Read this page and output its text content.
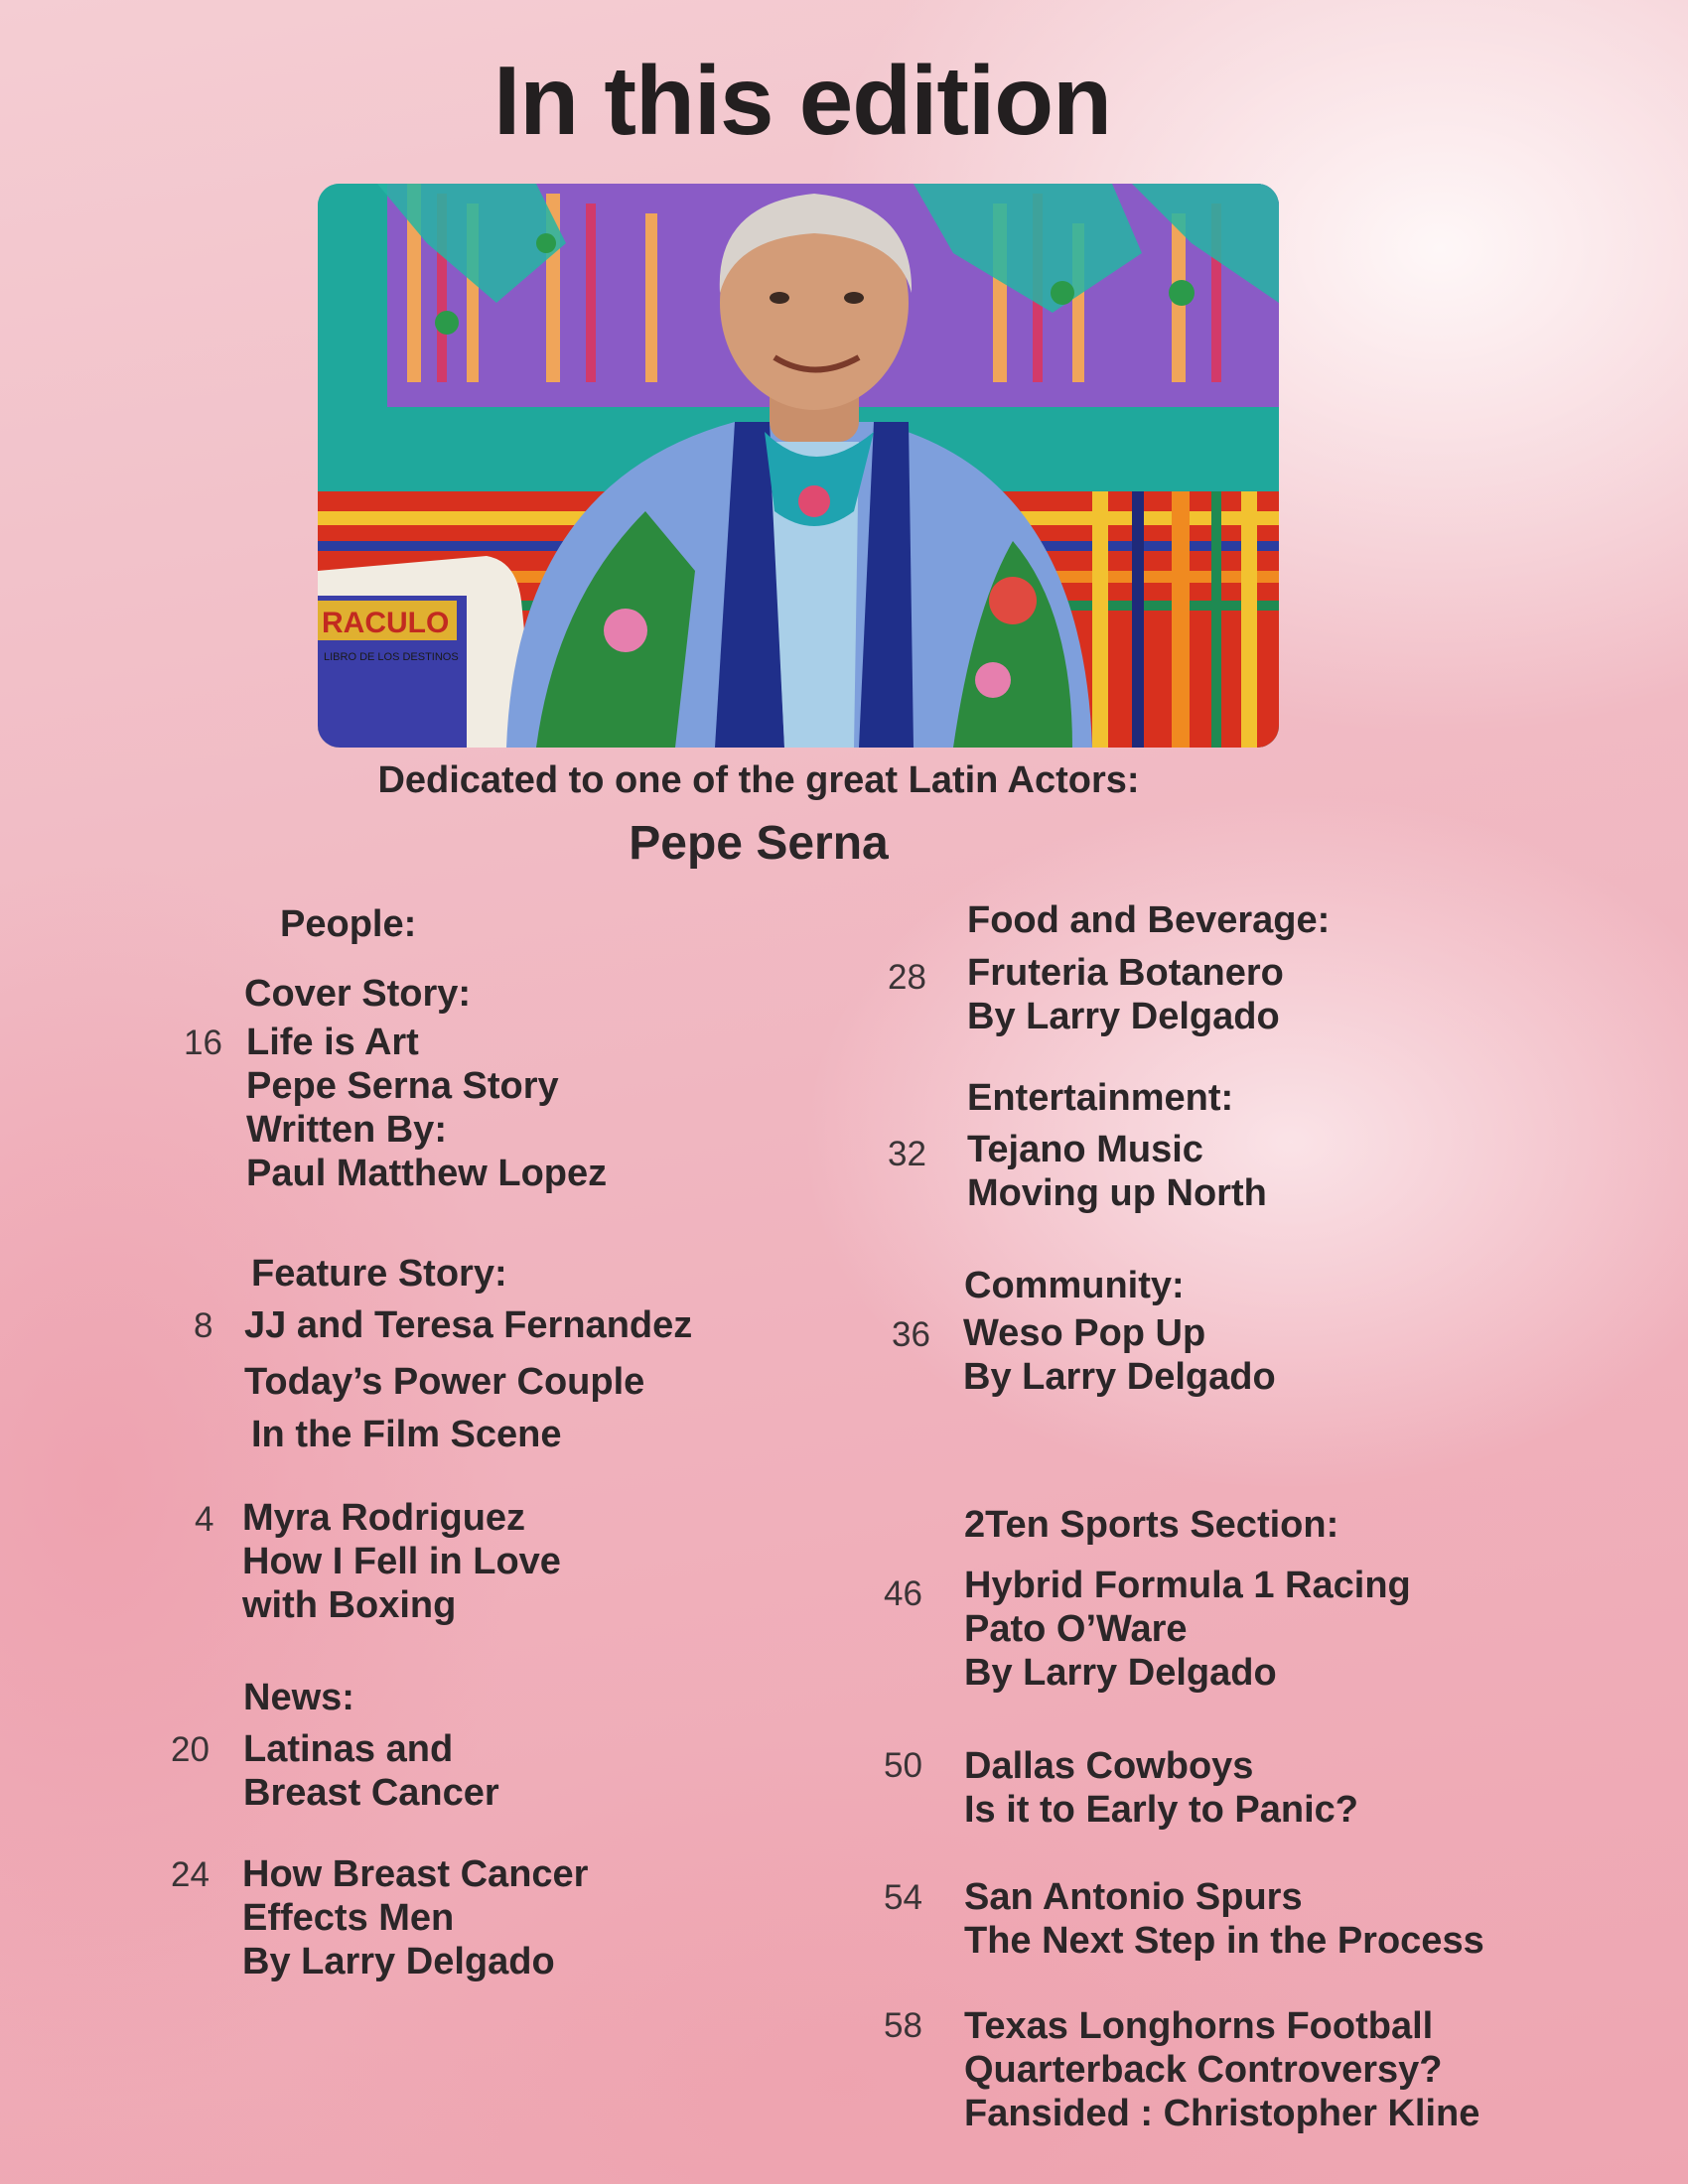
In this edition
RACULO
LIBRO DE LOS DESTINOS
Dedicated to one of the great Latin Actors:
Pepe Serna
People:
Cover Story:
16 Life is Art
Pepe Serna Story
Written By:
Paul Matthew Lopez
Feature Story:
8 JJ and Teresa Fernandez
Today’s Power Couple
In the Film Scene
4 Myra Rodriguez
How I Fell in Love
with Boxing
News:
20 Latinas and
Breast Cancer
24 How Breast Cancer
Effects Men
By Larry Delgado
Food and Beverage:
28 Fruteria Botanero
By Larry Delgado
Entertainment:
32 Tejano Music
Moving up North
Community:
36 Weso Pop Up
By Larry Delgado
2Ten Sports Section:
46 Hybrid Formula 1 Racing
Pato O’Ware
By Larry Delgado
50 Dallas Cowboys
Is it to Early to Panic?
54 San Antonio Spurs
The Next Step in the Process
58 Texas Longhorns Football
Quarterback Controversy?
Fansided : Christopher Kline
